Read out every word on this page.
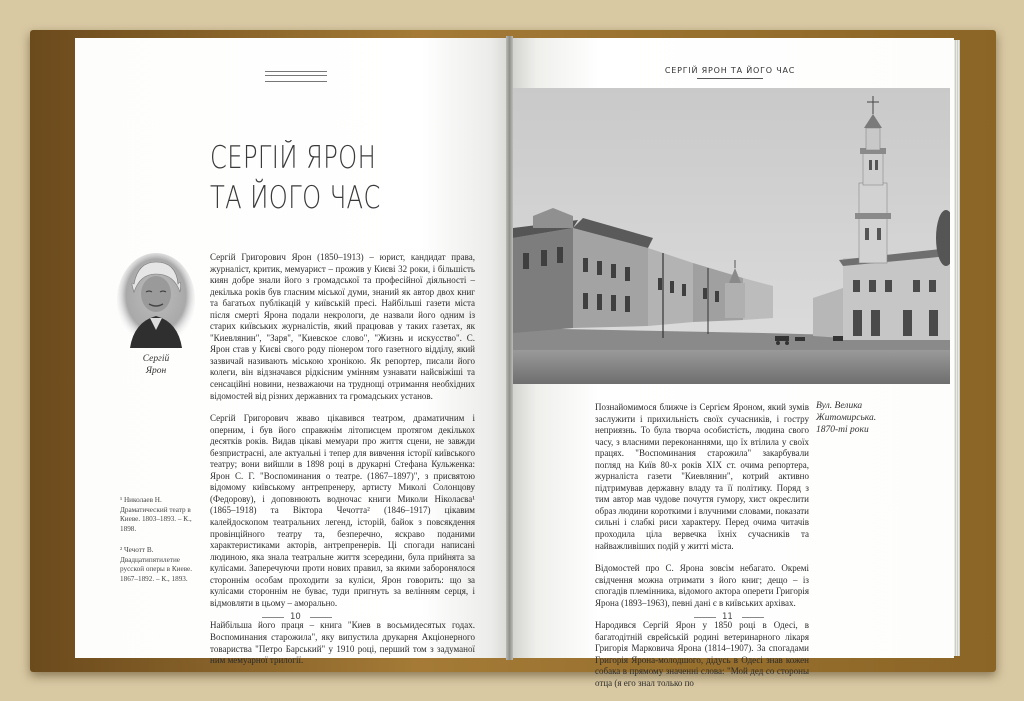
СЕРГІЙ ЯРОН
ТА ЙОГО ЧАС
Сергій
Ярон

Сергій Григорович Ярон (1850–1913) – юрист, кандидат права, журналіст, критик, мемуарист – прожив у Києві 32 роки, і більшість киян добре знали його з громадської та професійної діяльності – декілька років був гласним міської думи, знаний як автор двох книг та багатьох публікацій у київській пресі. Найбільші газети міста після смерті Ярона подали некрологи, де назвали його одним із старих київських журналістів, який працював у таких газетах, як "Киевлянин", "Заря", "Киевское слово", "Жизнь и искусство". С. Ярон став у Києві свого роду піонером того газетного відділу, який зазвичай називають міською хронікою. Як репортер, писали його колеги, він відзначався рідкісним умінням узнавати найсвіжіші та сенсаційні новини, незважаючи на труднощі отримання необхідних відомостей від різних державних та громадських установ.

Сергій Григорович жваво цікавився театром, драматичним і оперним, і був його справжнім літописцем протягом декількох десятків років. Видав цікаві мемуари про життя сцени, не завжди безпристрасні, але актуальні і тепер для вивчення історії київського театру; вони вийшли в 1898 році в друкарні Стефана Кульженка: Ярон С. Г. "Воспоминания о театре. (1867–1897)", з присвятою відомому київському антрепренеру, артисту Миколі Солонцову (Федорову), і доповнюють водночас книги Миколи Ніколаєва¹ (1865–1918) та Віктора Чечотта² (1846–1917) цікавим калейдоскопом театральних легенд, історій, байок з повсякдення провінційного театру та, безперечно, яскраво поданими характеристиками акторів, антрепренерів. Ці спогади написані людиною, яка знала театральне життя зсередини, була прийнята за кулісами. Заперечуючи проти нових правил, за якими заборонялося стороннім особам проходити за куліси, Ярон говорить: що за кулісами стороннім не буває, туди пригнуть за велінням серця, і відмовляти в цьому – аморально.

Найбільша його праця – книга "Киев в восьмидесятых годах. Воспоминания старожила", яку випустила друкарня Акціонерного товариства "Петро Барський" у 1910 році, перший том з задуманої ним мемуарної трилогії.

¹ Николаев Н. Драматический театр в Киеве. 1803–1893. – К., 1898.
² Чечотт В. Двадцатипятилетие русской оперы в Киеве. 1867–1892. – К., 1893.
10
СЕРГІЙ ЯРОН ТА ЙОГО ЧАС
Вул. Велика
Житомирська.
1870-ті роки

Познайомимося ближче із Сергієм Яроном, який зумів заслужити і прихильність своїх сучасників, і гостру неприязнь. То була творча особистість, людина свого часу, з власними переконаннями, що їх втілила у своїх працях. "Воспоминания старожила" закарбували погляд на Київ 80-х років XIX ст. очима репортера, журналіста газети "Киевлянин", котрий активно підтримував державну владу та її політику. Поряд з тим автор мав чудове почуття гумору, хист окреслити образ людини короткими і влучними словами, показати сильні і слабкі риси характеру. Перед очима читачів проходила ціла вервечка їхніх сучасників та найважливіших подій у житті міста.

Відомостей про С. Ярона зовсім небагато. Окремі свідчення можна отримати з його книг; дещо – із спогадів племінника, відомого актора оперети Григорія Ярона (1893–1963), певні дані є в київських архівах.

Народився Сергій Ярон у 1850 році в Одесі, в багатодітній єврейській родині ветеринарного лікаря Григорія Марковича Ярона (1814–1907). За спогадами Григорія Ярона-молодшого, дідусь в Одесі знав кожен собака в прямому значенні слова: "Мой дед со стороны отца (я его знал только по

11
